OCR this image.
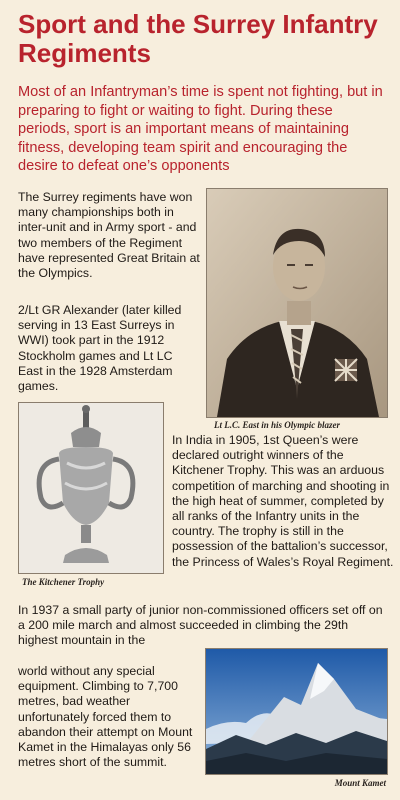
Sport and the Surrey Infantry Regiments

Most of an Infantryman’s time is spent not fighting, but in preparing to fight or waiting to fight. During these periods, sport is an important means of maintaining fitness, developing team spirit and encouraging the desire to defeat one’s opponents

The Surrey regiments have won many championships both in inter-unit and in Army sport - and two members of the Regiment have represented Great Britain at the Olympics.

2/Lt GR Alexander (later killed serving in 13 East Surreys in WWI) took part in the 1912 Stockholm games and Lt LC East in the 1928 Amsterdam games.

Lt L.C. East in his Olympic blazer
The Kitchener Trophy

In India in 1905, 1st Queen’s were declared outright winners of the Kitchener Trophy. This was an arduous competition of marching and shooting in the high heat of summer, completed by all ranks of the Infantry units in the country. The trophy is still in the possession of the battalion’s successor, the Princess of Wales’s Royal Regiment.

In 1937 a small party of junior non-commissioned officers set off on a 200 mile march and almost succeeded in climbing the 29th highest mountain in the

world without any special equipment. Climbing to 7,700 metres, bad weather unfortunately forced them to abandon their attempt on Mount Kamet in the Himalayas only 56 metres short of the summit.

Mount Kamet
